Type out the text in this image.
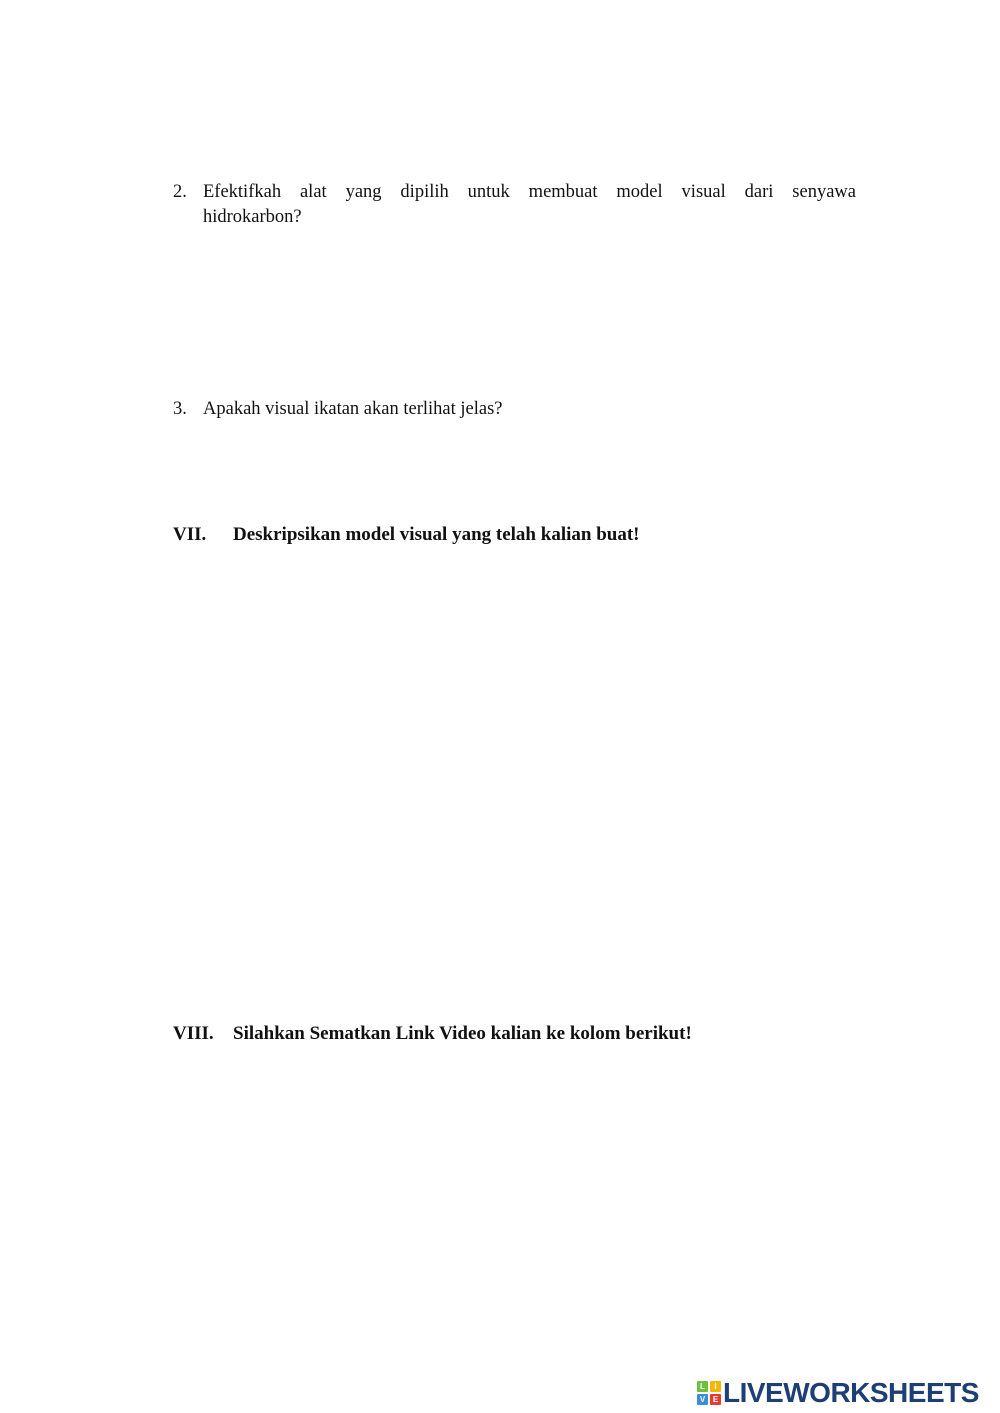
2. Efektifkah alat yang dipilih untuk membuat model visual dari senyawa
hidrokarbon?
3. Apakah visual ikatan akan terlihat jelas?
VII. Deskripsikan model visual yang telah kalian buat!
VIII. Silahkan Sematkan Link Video kalian ke kolom berikut!
L	I
V E LIVEWORKSHEETS
